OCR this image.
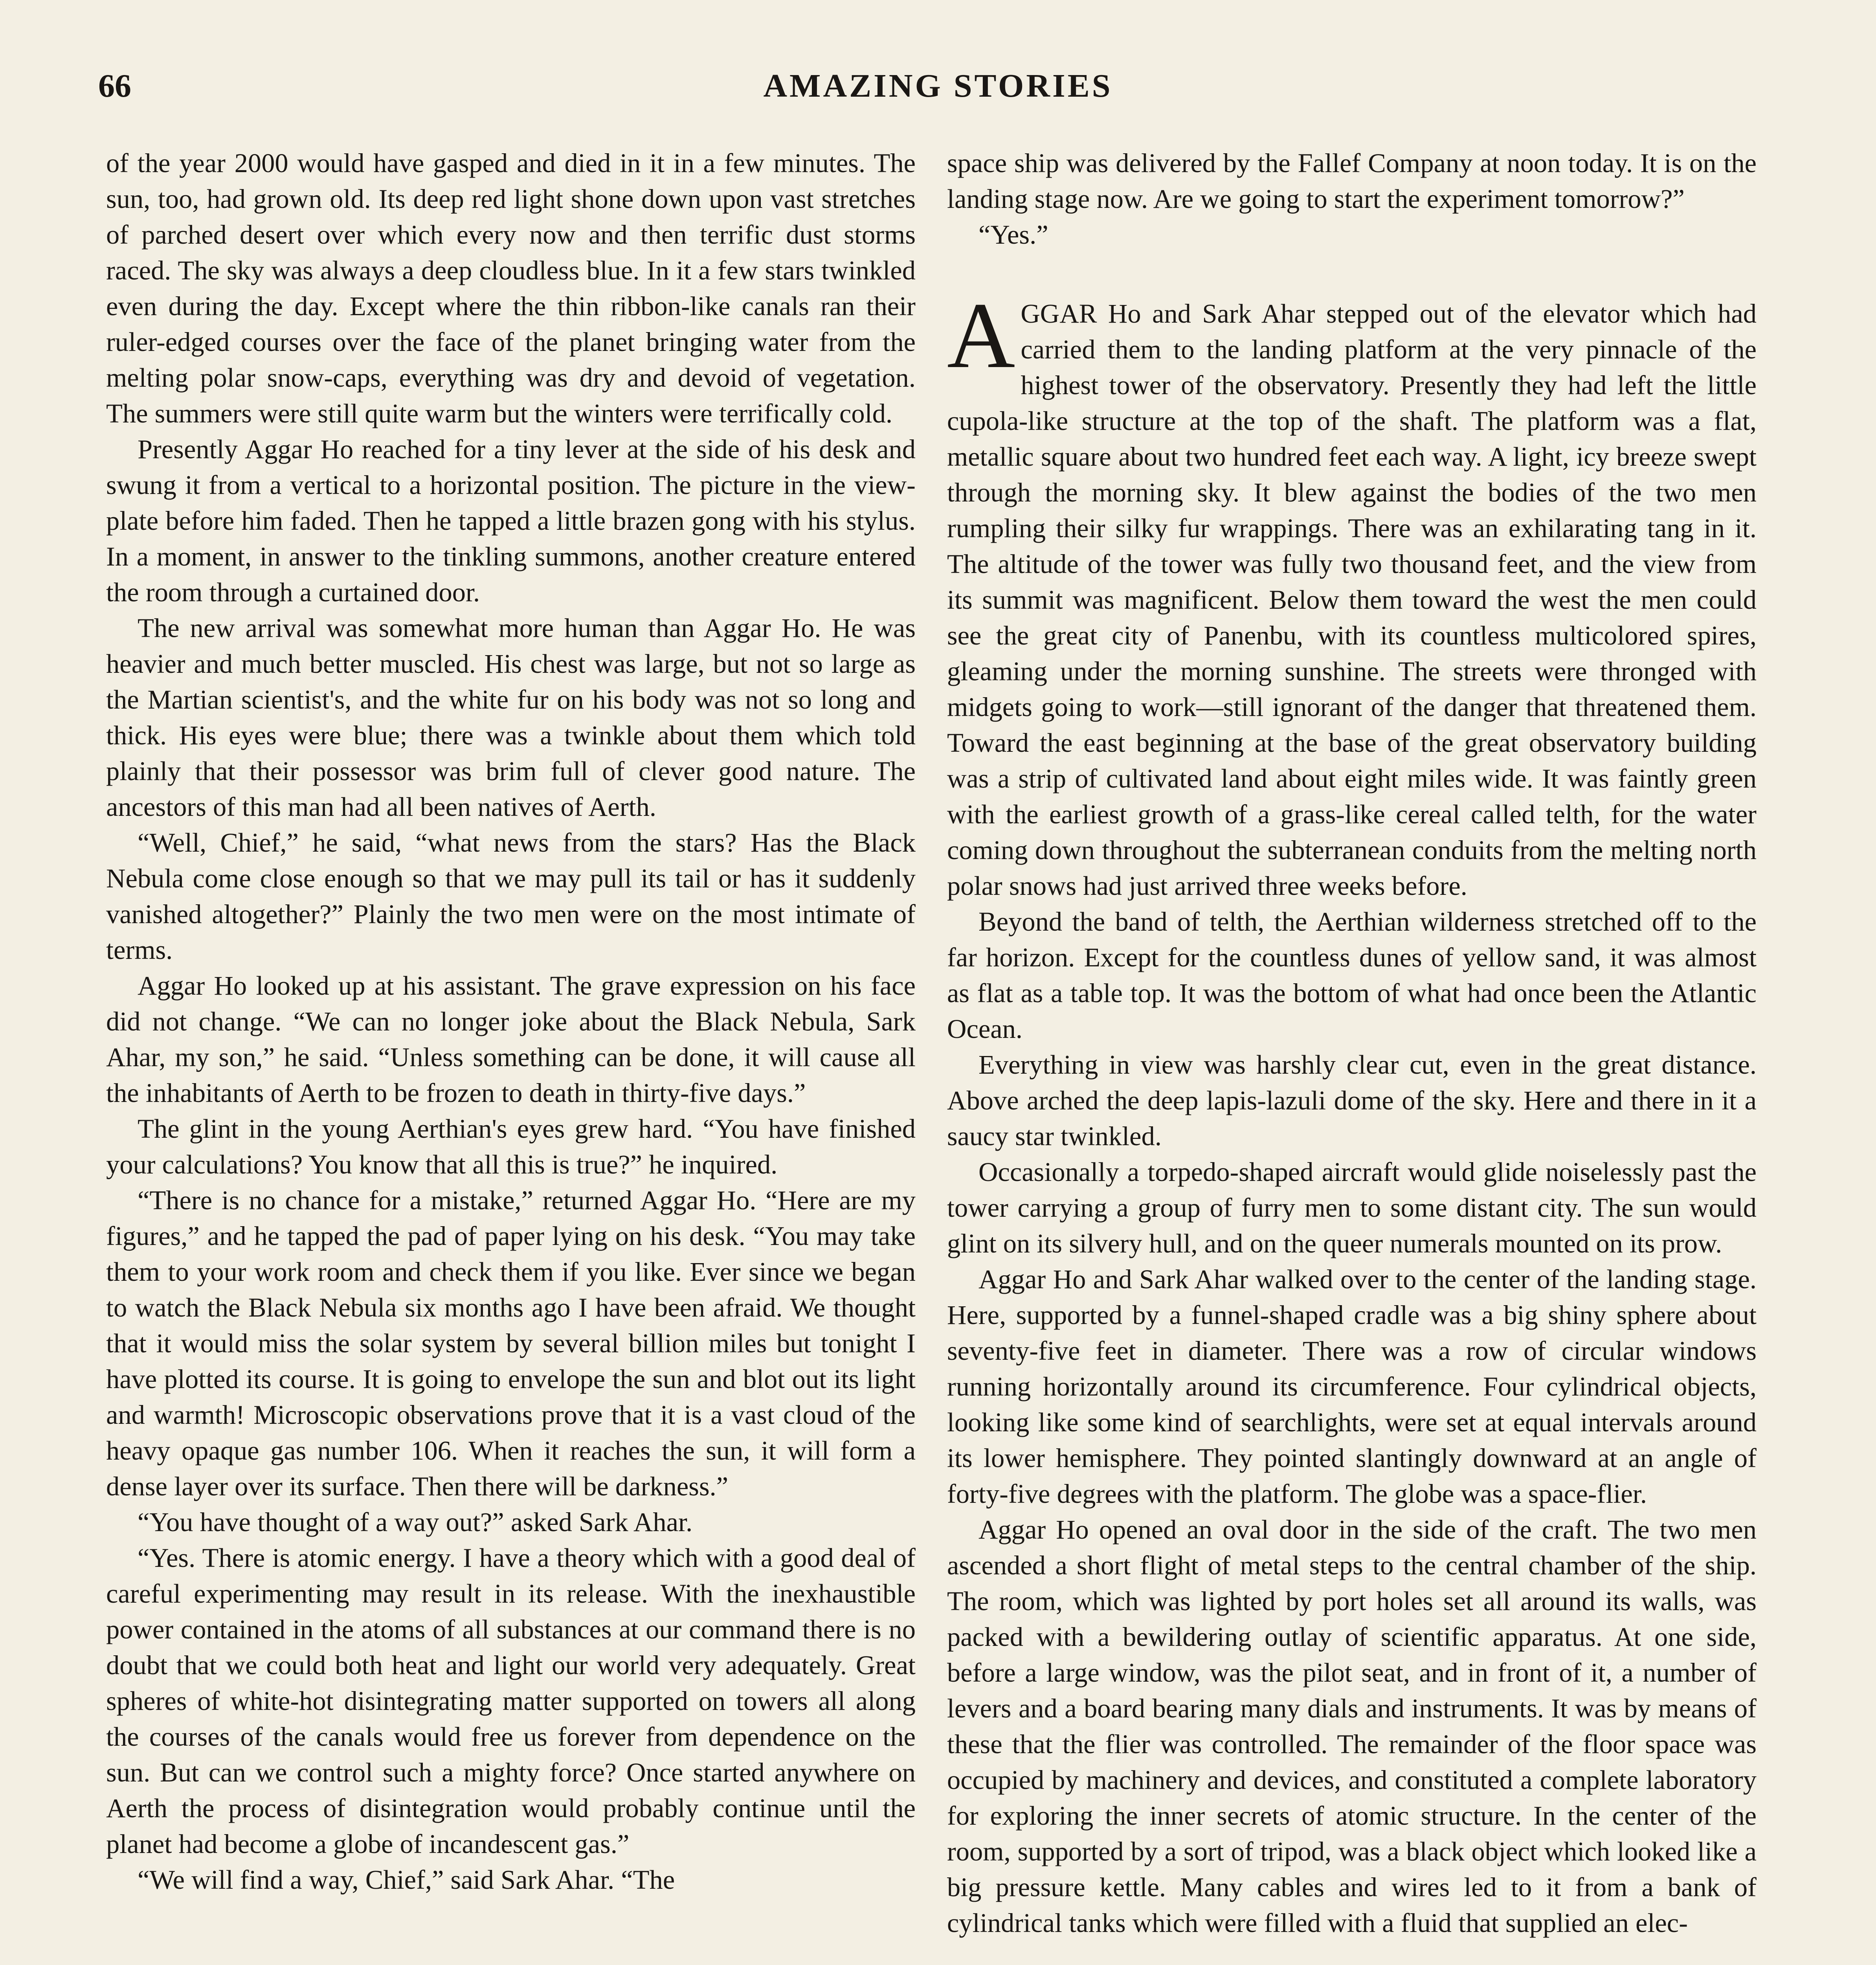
66	AMAZING STORIES

of the year 2000 would have gasped and died in it in a few minutes. The sun, too, had grown old. Its deep red light shone down upon vast stretches of parched desert over which every now and then terrific dust storms raced. The sky was always a deep cloudless blue. In it a few stars twinkled even during the day. Except where the thin ribbon-like canals ran their ruler-edged courses over the face of the planet bringing water from the melting polar snow-caps, everything was dry and devoid of vegetation. The summers were still quite warm but the winters were terrifically cold.

Presently Aggar Ho reached for a tiny lever at the side of his desk and swung it from a vertical to a horizontal position. The picture in the view-plate before him faded. Then he tapped a little brazen gong with his stylus. In a moment, in answer to the tinkling summons, another creature entered the room through a curtained door.

The new arrival was somewhat more human than Aggar Ho. He was heavier and much better muscled. His chest was large, but not so large as the Martian scientist's, and the white fur on his body was not so long and thick. His eyes were blue; there was a twinkle about them which told plainly that their possessor was brim full of clever good nature. The ancestors of this man had all been natives of Aerth.

“Well, Chief,” he said, “what news from the stars? Has the Black Nebula come close enough so that we may pull its tail or has it suddenly vanished altogether?” Plainly the two men were on the most intimate of terms.

Aggar Ho looked up at his assistant. The grave expression on his face did not change. “We can no longer joke about the Black Nebula, Sark Ahar, my son,” he said. “Unless something can be done, it will cause all the inhabitants of Aerth to be frozen to death in thirty-five days.”

The glint in the young Aerthian's eyes grew hard. “You have finished your calculations? You know that all this is true?” he inquired.

“There is no chance for a mistake,” returned Aggar Ho. “Here are my figures,” and he tapped the pad of paper lying on his desk. “You may take them to your work room and check them if you like. Ever since we began to watch the Black Nebula six months ago I have been afraid. We thought that it would miss the solar system by several billion miles but tonight I have plotted its course. It is going to envelope the sun and blot out its light and warmth! Microscopic observations prove that it is a vast cloud of the heavy opaque gas number 106. When it reaches the sun, it will form a dense layer over its surface. Then there will be darkness.”

“You have thought of a way out?” asked Sark Ahar.

“Yes. There is atomic energy. I have a theory which with a good deal of careful experimenting may result in its release. With the inexhaustible power contained in the atoms of all substances at our command there is no doubt that we could both heat and light our world very adequately. Great spheres of white-hot disintegrating matter supported on towers all along the courses of the canals would free us forever from dependence on the sun. But can we control such a mighty force? Once started anywhere on Aerth the process of disintegration would probably continue until the planet had become a globe of incandescent gas.”

“We will find a way, Chief,” said Sark Ahar. “The

space ship was delivered by the Fallef Company at noon today. It is on the landing stage now. Are we going to start the experiment tomorrow?”

“Yes.”

AGGAR Ho and Sark Ahar stepped out of the elevator which had carried them to the landing platform at the very pinnacle of the highest tower of the observatory. Presently they had left the little cupola-like structure at the top of the shaft. The platform was a flat, metallic square about two hundred feet each way. A light, icy breeze swept through the morning sky. It blew against the bodies of the two men rumpling their silky fur wrappings. There was an exhilarating tang in it. The altitude of the tower was fully two thousand feet, and the view from its summit was magnificent. Below them toward the west the men could see the great city of Panenbu, with its countless multicolored spires, gleaming under the morning sunshine. The streets were thronged with midgets going to work—still ignorant of the danger that threatened them. Toward the east beginning at the base of the great observatory building was a strip of cultivated land about eight miles wide. It was faintly green with the earliest growth of a grass-like cereal called telth, for the water coming down throughout the subterranean conduits from the melting north polar snows had just arrived three weeks before.

Beyond the band of telth, the Aerthian wilderness stretched off to the far horizon. Except for the countless dunes of yellow sand, it was almost as flat as a table top. It was the bottom of what had once been the Atlantic Ocean.

Everything in view was harshly clear cut, even in the great distance. Above arched the deep lapis-lazuli dome of the sky. Here and there in it a saucy star twinkled.

Occasionally a torpedo-shaped aircraft would glide noiselessly past the tower carrying a group of furry men to some distant city. The sun would glint on its silvery hull, and on the queer numerals mounted on its prow.

Aggar Ho and Sark Ahar walked over to the center of the landing stage. Here, supported by a funnel-shaped cradle was a big shiny sphere about seventy-five feet in diameter. There was a row of circular windows running horizontally around its circumference. Four cylindrical objects, looking like some kind of searchlights, were set at equal intervals around its lower hemisphere. They pointed slantingly downward at an angle of forty-five degrees with the platform. The globe was a space-flier.

Aggar Ho opened an oval door in the side of the craft. The two men ascended a short flight of metal steps to the central chamber of the ship. The room, which was lighted by port holes set all around its walls, was packed with a bewildering outlay of scientific apparatus. At one side, before a large window, was the pilot seat, and in front of it, a number of levers and a board bearing many dials and instruments. It was by means of these that the flier was controlled. The remainder of the floor space was occupied by machinery and devices, and constituted a complete laboratory for exploring the inner secrets of atomic structure. In the center of the room, supported by a sort of tripod, was a black object which looked like a big pressure kettle. Many cables and wires led to it from a bank of cylindrical tanks which were filled with a fluid that supplied an elec-
